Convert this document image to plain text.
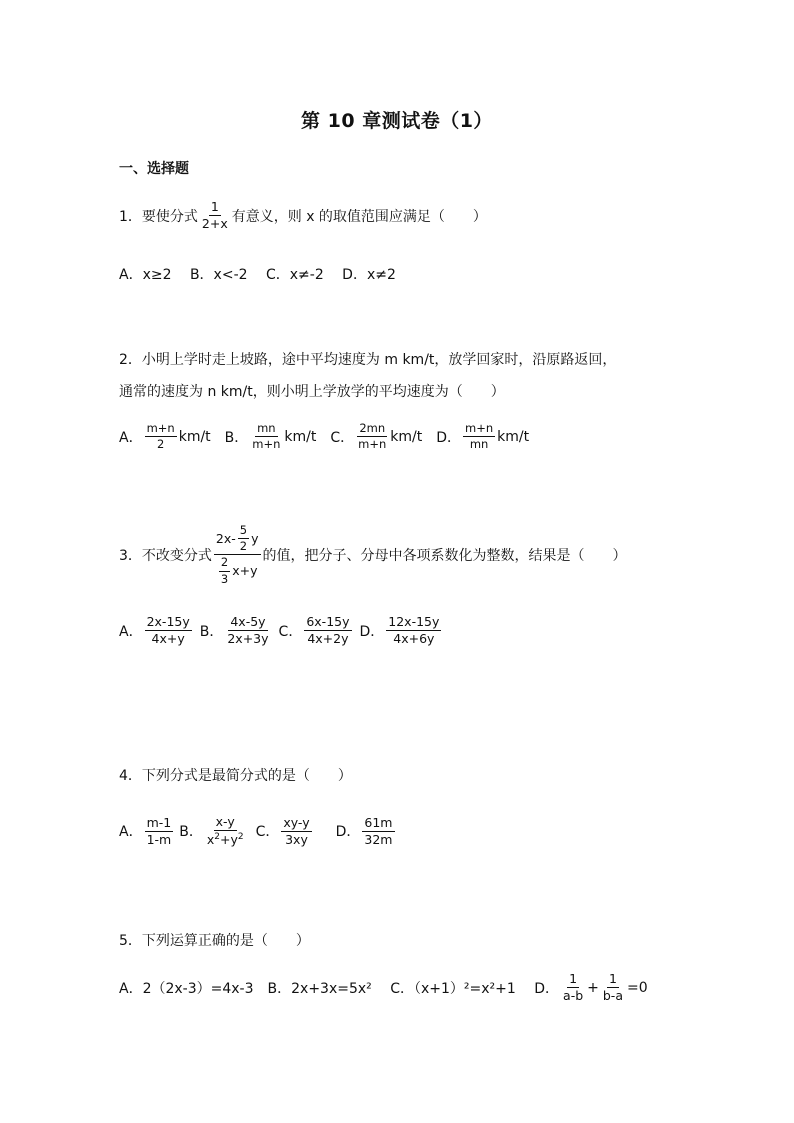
第 10 章测试卷（1）
一、选择题
1．要使分式 $\frac{1}{2+x}$ 有意义，则 x 的取值范围应满足（　　）
A．x≥2　 B．x<-2　 C．x≠-2　 D．x≠2
2．小明上学时走上坡路，途中平均速度为 m km/t，放学回家时，沿原路返回，
通常的速度为 n km/t，则小明上学放学的平均速度为（　　）
A． $\frac{m+n}{2} km/t$ B． $\frac{mn}{m+n} km/t$ C． $\frac{2mn}{m+n} km/t$ D． $\frac{m+n}{mn} km/t$
3．不改变分式 $\frac{2x- \frac{5}{2} y}{\frac{2}{3} x+y}$ 的值，把分子、分母中各项系数化为整数，结果是（　　）
A． $\frac{2x-15y}{4x+y}$ B． $\frac{4x-5y}{2x+3y}$ C． $\frac{6x-15y}{4x+2y}$ D． $\frac{12x-15y}{4x+6y}$
4．下列分式是最简分式的是（　　）
A． $\frac{m-1}{1-m}$ B． $\frac{x-y}{x^2+y^2}$ C． $\frac{xy-y}{3xy}$ D． $\frac{61m}{32m}$
5．下列运算正确的是（　　）
A．2（2x-3）=4x-3　B．2x+3x=5x²　 C．（x+1）²=x²+1　 D． $\frac{1}{a-b} + \frac{1}{b-a} =0$
